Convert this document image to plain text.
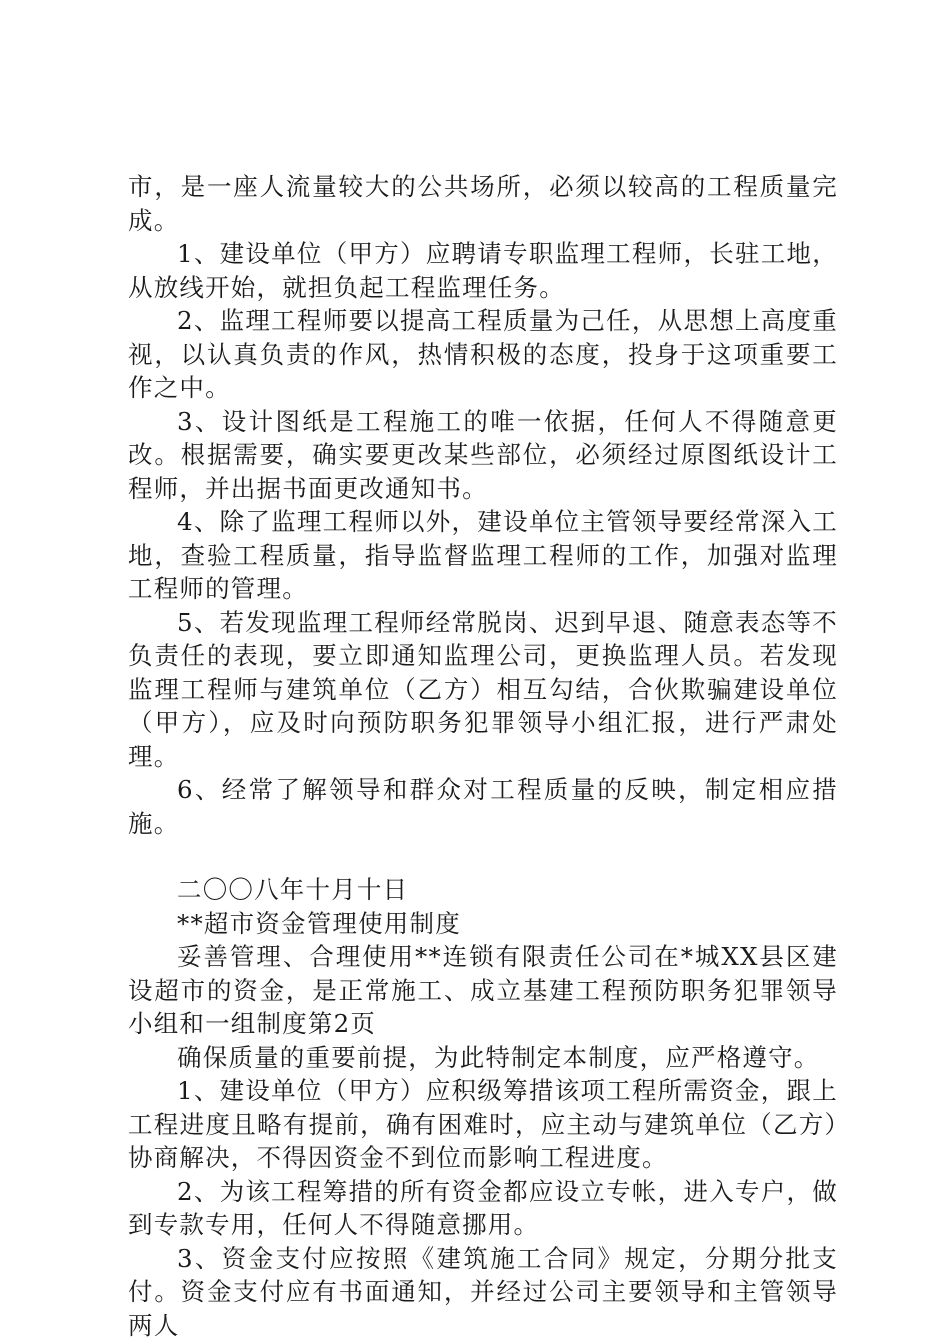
市，是一座人流量较大的公共场所，必须以较高的工程质量完成。

1、建设单位（甲方）应聘请专职监理工程师，长驻工地，从放线开始，就担负起工程监理任务。

2、监理工程师要以提高工程质量为己任，从思想上高度重视，以认真负责的作风，热情积极的态度，投身于这项重要工作之中。

3、设计图纸是工程施工的唯一依据，任何人不得随意更改。根据需要，确实要更改某些部位，必须经过原图纸设计工程师，并出据书面更改通知书。

4、除了监理工程师以外，建设单位主管领导要经常深入工地，查验工程质量，指导监督监理工程师的工作，加强对监理工程师的管理。

5、若发现监理工程师经常脱岗、迟到早退、随意表态等不负责任的表现，要立即通知监理公司，更换监理人员。若发现监理工程师与建筑单位（乙方）相互勾结，合伙欺骗建设单位（甲方），应及时向预防职务犯罪领导小组汇报，进行严肃处理。

6、经常了解领导和群众对工程质量的反映，制定相应措施。

二〇〇八年十月十日

**超市资金管理使用制度

妥善管理、合理使用**连锁有限责任公司在*城XX县区建设超市的资金，是正常施工、成立基建工程预防职务犯罪领导小组和一组制度第2页

确保质量的重要前提，为此特制定本制度，应严格遵守。

1、建设单位（甲方）应积级筹措该项工程所需资金，跟上工程进度且略有提前，确有困难时，应主动与建筑单位（乙方）协商解决，不得因资金不到位而影响工程进度。

2、为该工程筹措的所有资金都应设立专帐，进入专户，做到专款专用，任何人不得随意挪用。

3、资金支付应按照《建筑施工合同》规定，分期分批支付。资金支付应有书面通知，并经过公司主要领导和主管领导两人
